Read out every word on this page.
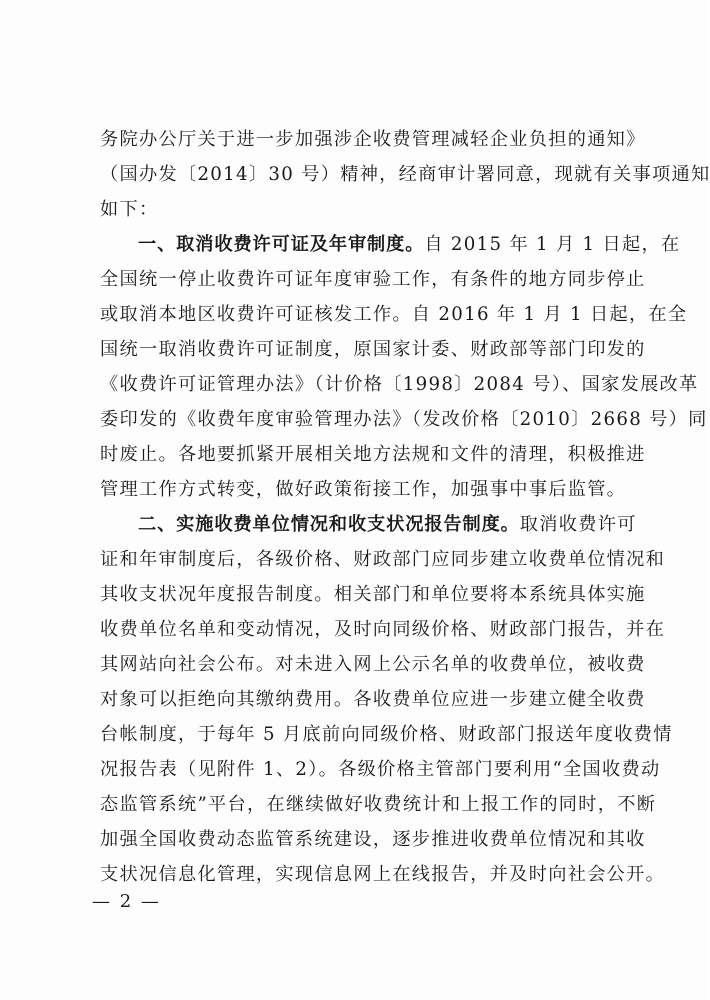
务院办公厅关于进一步加强涉企收费管理减轻企业负担的通知》
（国办发〔2014〕30 号）精神，经商审计署同意，现就有关事项通知
如下：
一、取消收费许可证及年审制度。自 2015 年 1 月 1 日起，在
全国统一停止收费许可证年度审验工作，有条件的地方同步停止
或取消本地区收费许可证核发工作。自 2016 年 1 月 1 日起，在全
国统一取消收费许可证制度，原国家计委、财政部等部门印发的
《收费许可证管理办法》（计价格〔1998〕2084 号）、国家发展改革
委印发的《收费年度审验管理办法》（发改价格〔2010〕2668 号）同
时废止。各地要抓紧开展相关地方法规和文件的清理，积极推进
管理工作方式转变，做好政策衔接工作，加强事中事后监管。
二、实施收费单位情况和收支状况报告制度。取消收费许可
证和年审制度后，各级价格、财政部门应同步建立收费单位情况和
其收支状况年度报告制度。相关部门和单位要将本系统具体实施
收费单位名单和变动情况，及时向同级价格、财政部门报告，并在
其网站向社会公布。对未进入网上公示名单的收费单位，被收费
对象可以拒绝向其缴纳费用。各收费单位应进一步建立健全收费
台帐制度，于每年 5 月底前向同级价格、财政部门报送年度收费情
况报告表（见附件 1、2）。各级价格主管部门要利用“全国收费动
态监管系统”平台，在继续做好收费统计和上报工作的同时，不断
加强全国收费动态监管系统建设，逐步推进收费单位情况和其收
支状况信息化管理，实现信息网上在线报告，并及时向社会公开。
— 2 —
